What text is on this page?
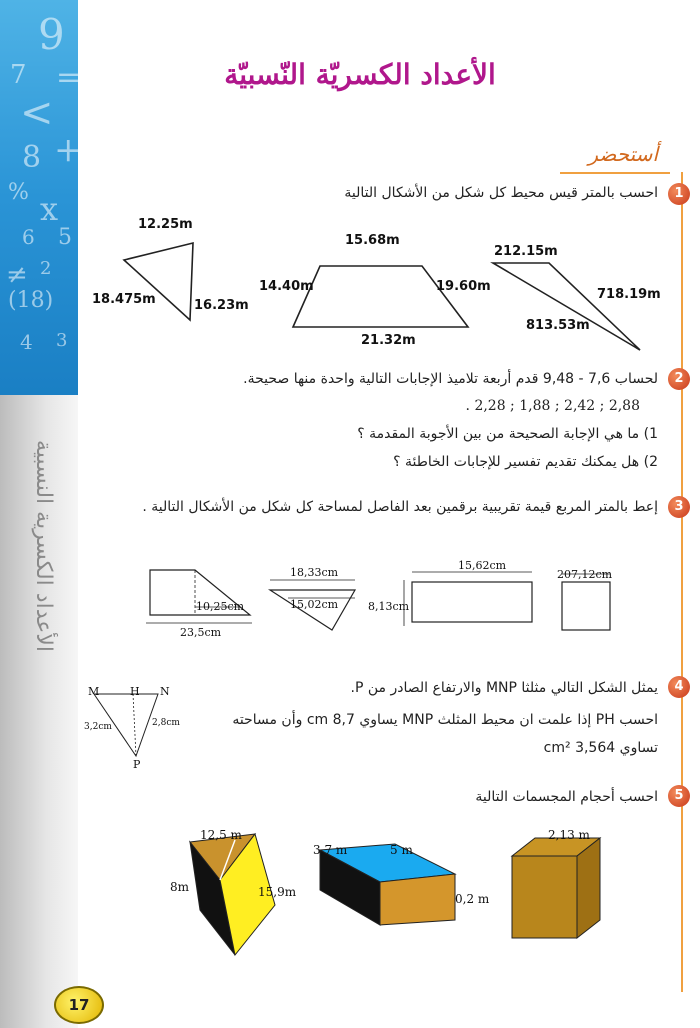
9
=
7
<
8 +
% x
6 5
≠ 2
(18)
4 3
الأعداد الكسرية النسبية
الأعداد الكسريّة النّسبيّة
أستحضر
1
احسب بالمتر قيس محيط كل شكل من الأشكال التالية
12.25m
18.475m	16.23m
15.68m
14.40m	19.60m
21.32m
212.15m
718.19m
813.53m
2
لحساب 7,6 - 9,48 قدم أربعة تلاميذ الإجابات التالية واحدة منها صحيحة.
2,88 ; 2,42 ; 1,88 ; 2,28 .
1) ما هي الإجابة الصحيحة من بين الأجوبة المقدمة ؟
2) هل يمكنك تقديم تفسير للإجابات الخاطئة ؟
3
إعط بالمتر المربع قيمة تقريبية برقمين بعد الفاصل لمساحة كل شكل من الأشكال التالية .
10,25cm
23,5cm
18,33cm
15,02cm
15,62cm
8,13cm
207,12cm
4
يمثل الشكل التالي مثلثا MNP والارتفاع الصادر من P.
احسب PH إذا علمت ان محيط المثلث MNP يساوي 8,7 cm وأن مساحته
تساوي 3,564 cm²
M	H N
P
3,2cm	2,8cm
5
احسب أحجام المجسمات التالية
12,5 m
8m	15,9m
3,7 m	5 m
0,2 m
2,13 m
17
